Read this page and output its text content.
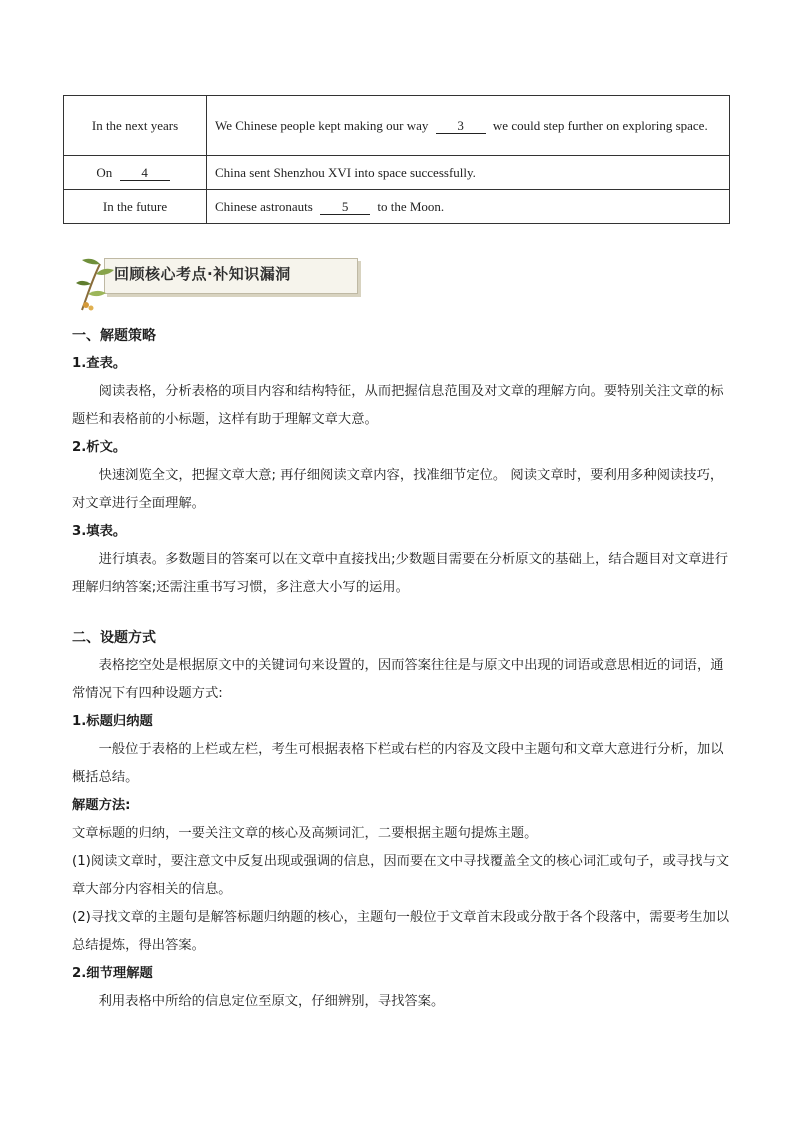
In the next years	We Chinese people kept making our way 3 we could step further on exploring space.
On 4	China sent Shenzhou XVI into space successfully.
In the future	Chinese astronauts 5 to the Moon.
回顾核心考点·补知识漏洞

一、解题策略

1.查表。

阅读表格，分析表格的项目内容和结构特征，从而把握信息范围及对文章的理解方向。要特别关注文章的标题栏和表格前的小标题，这样有助于理解文章大意。

2.析文。

快速浏览全文，把握文章大意; 再仔细阅读文章内容，找准细节定位。 阅读文章时，要利用多种阅读技巧，对文章进行全面理解。

3.填表。

进行填表。多数题目的答案可以在文章中直接找出;少数题目需要在分析原文的基础上，结合题目对文章进行理解归纳答案;还需注重书写习惯，多注意大小写的运用。

二、设题方式

表格挖空处是根据原文中的关键词句来设置的，因而答案往往是与原文中出现的词语或意思相近的词语，通常情况下有四种设题方式:

1.标题归纳题

一般位于表格的上栏或左栏，考生可根据表格下栏或右栏的内容及文段中主题句和文章大意进行分析，加以概括总结。

解题方法:

文章标题的归纳，一要关注文章的核心及高频词汇，二要根据主题句提炼主题。

(1)阅读文章时，要注意文中反复出现或强调的信息，因而要在文中寻找覆盖全文的核心词汇或句子，或寻找与文章大部分内容相关的信息。

(2)寻找文章的主题句是解答标题归纳题的核心，主题句一般位于文章首末段或分散于各个段落中，需要考生加以总结提炼，得出答案。

2.细节理解题

利用表格中所给的信息定位至原文，仔细辨别，寻找答案。
